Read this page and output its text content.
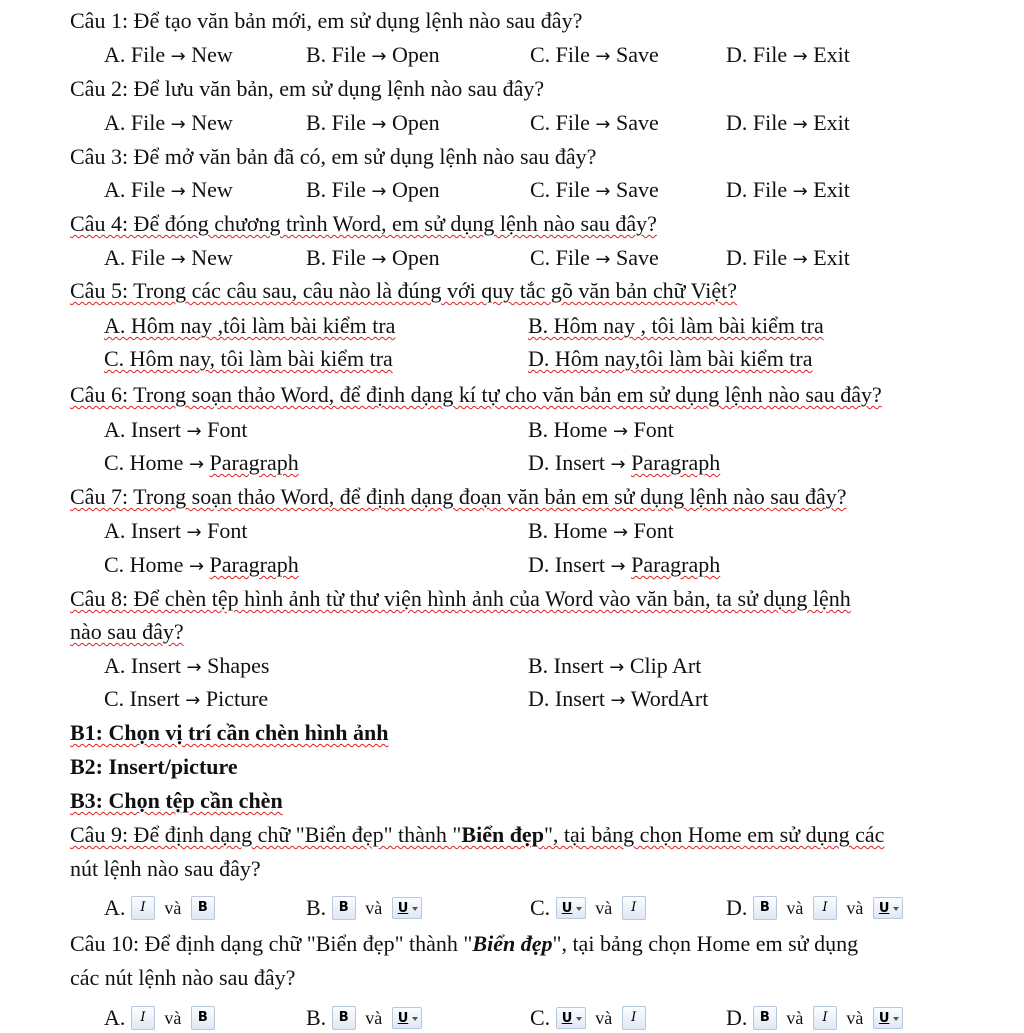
Câu 1: Để tạo văn bản mới, em sử dụng lệnh nào sau đây?
A. File → New	B. File → Open	C. File → Save	D. File → Exit
Câu 2: Để lưu văn bản, em sử dụng lệnh nào sau đây?
A. File → New	B. File → Open	C. File → Save	D. File → Exit
Câu 3: Để mở văn bản đã có, em sử dụng lệnh nào sau đây?
A. File → New	B. File → Open	C. File → Save	D. File → Exit
Câu 4: Để đóng chương trình Word, em sử dụng lệnh nào sau đây?
A. File → New	B. File → Open	C. File → Save	D. File → Exit
Câu 5: Trong các câu sau, câu nào là đúng với quy tắc gõ văn bản chữ Việt?
A. Hôm nay ,tôi làm bài kiểm tra	B. Hôm nay , tôi làm bài kiểm tra
C. Hôm nay, tôi làm bài kiểm tra	D. Hôm nay,tôi làm bài kiểm tra
Câu 6: Trong soạn thảo Word, để định dạng kí tự cho văn bản em sử dụng lệnh nào sau đây?
A. Insert → Font	B. Home → Font
C. Home → Paragraph	D. Insert → Paragraph
Câu 7: Trong soạn thảo Word, để định dạng đoạn văn bản em sử dụng lệnh nào sau đây?
A. Insert → Font	B. Home → Font
C. Home → Paragraph	D. Insert → Paragraph
Câu 8: Để chèn tệp hình ảnh từ thư viện hình ảnh của Word vào văn bản, ta sử dụng lệnh
nào sau đây?
A. Insert → Shapes	B. Insert → Clip Art
C. Insert → Picture	D. Insert → WordArt
B1: Chọn vị trí cần chèn hình ảnh
B2: Insert/picture
B3: Chọn tệp cần chèn
Câu 9: Để định dạng chữ "Biển đẹp" thành "Biển đẹp", tại bảng chọn Home em sử dụng các
nút lệnh nào sau đây?
A. I và B	B. B và U	C. U và I	D. B và I và U
Câu 10: Để định dạng chữ "Biển đẹp" thành "Biển đẹp", tại bảng chọn Home em sử dụng
các nút lệnh nào sau đây?
A. I và B	B. B và U	C. U và I	D. B và I và U
